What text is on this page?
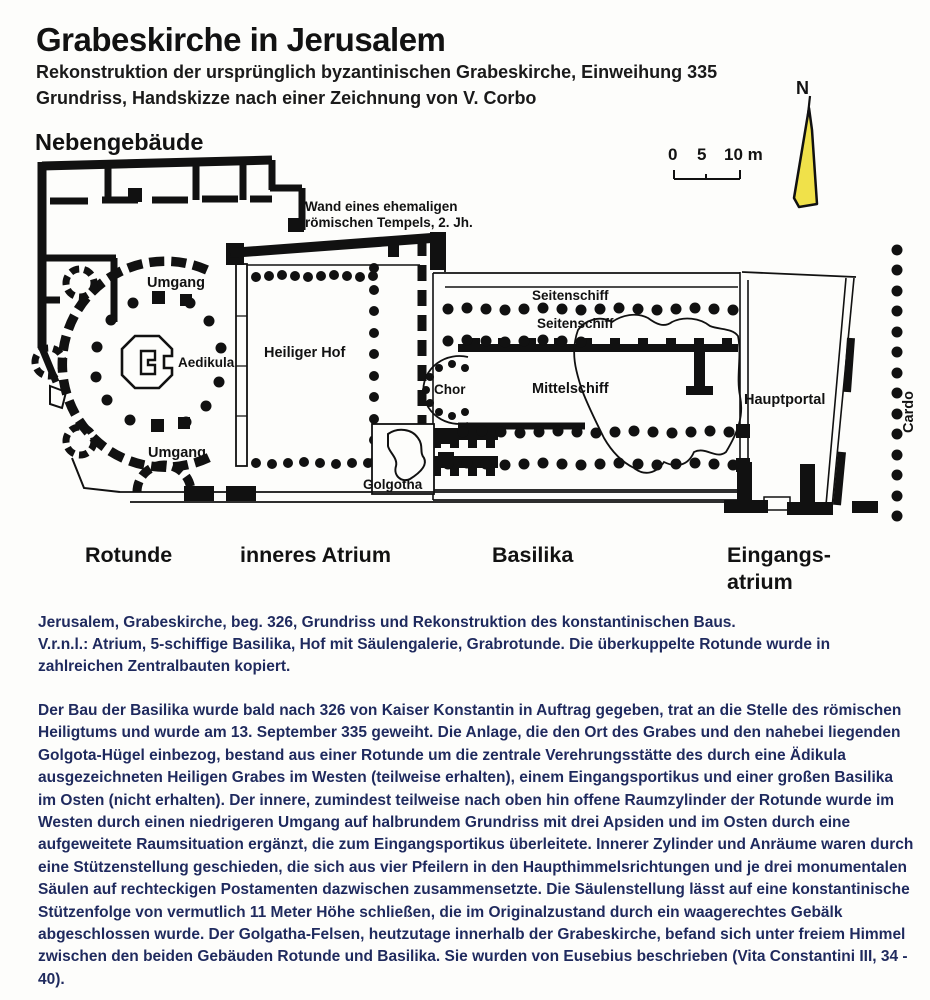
Grabeskirche in Jerusalem
Rekonstruktion der ursprünglich byzantinischen Grabeskirche, Einweihung 335
Grundriss, Handskizze nach einer Zeichnung von V. Corbo	N
0 5 10 m
Nebengebäude
Wand eines ehemaligen
römischen Tempels, 2. Jh.
Umgang
Umgang
Aedikula
Heiliger Hof
Seitenschiff
Seitenschiff
Chor	Mittelschiff
Golgotha
Hauptportal	Cardo
Rotunde	inneres Atrium	Basilika	Eingangs-
atrium

Jerusalem, Grabeskirche, beg. 326, Grundriss und Rekonstruktion des konstantinischen Baus.

V.r.n.l.: Atrium, 5-schiffige Basilika, Hof mit Säulengalerie, Grabrotunde. Die überkuppelte Rotunde wurde in zahlreichen Zentralbauten kopiert.

Der Bau der Basilika wurde bald nach 326 von Kaiser Konstantin in Auftrag gegeben, trat an die Stelle des römischen Heiligtums und wurde am 13. September 335 geweiht. Die Anlage, die den Ort des Grabes und den nahebei liegenden Golgota-Hügel einbezog, bestand aus einer Rotunde um die zentrale Verehrungsstätte des durch eine Ädikula ausgezeichneten Heiligen Grabes im Westen (teilweise erhalten), einem Eingangsportikus und einer großen Basilika im Osten (nicht erhalten). Der innere, zumindest teilweise nach oben hin offene Raumzylinder der Rotunde wurde im Westen durch einen niedrigeren Umgang auf halbrundem Grundriss mit drei Apsiden und im Osten durch eine aufgeweitete Raumsituation ergänzt, die zum Eingangsportikus überleitete. Innerer Zylinder und Anräume waren durch eine Stützenstellung geschieden, die sich aus vier Pfeilern in den Haupthimmelsrichtungen und je drei monumentalen Säulen auf rechteckigen Postamenten dazwischen zusammensetzte. Die Säulenstellung lässt auf eine konstantinische Stützenfolge von vermutlich 11 Meter Höhe schließen, die im Originalzustand durch ein waagerechtes Gebälk abgeschlossen wurde. Der Golgatha-Felsen, heutzutage innerhalb der Grabeskirche, befand sich unter freiem Himmel zwischen den beiden Gebäuden Rotunde und Basilika. Sie wurden von Eusebius beschrieben (Vita Constantini III, 34 - 40).
